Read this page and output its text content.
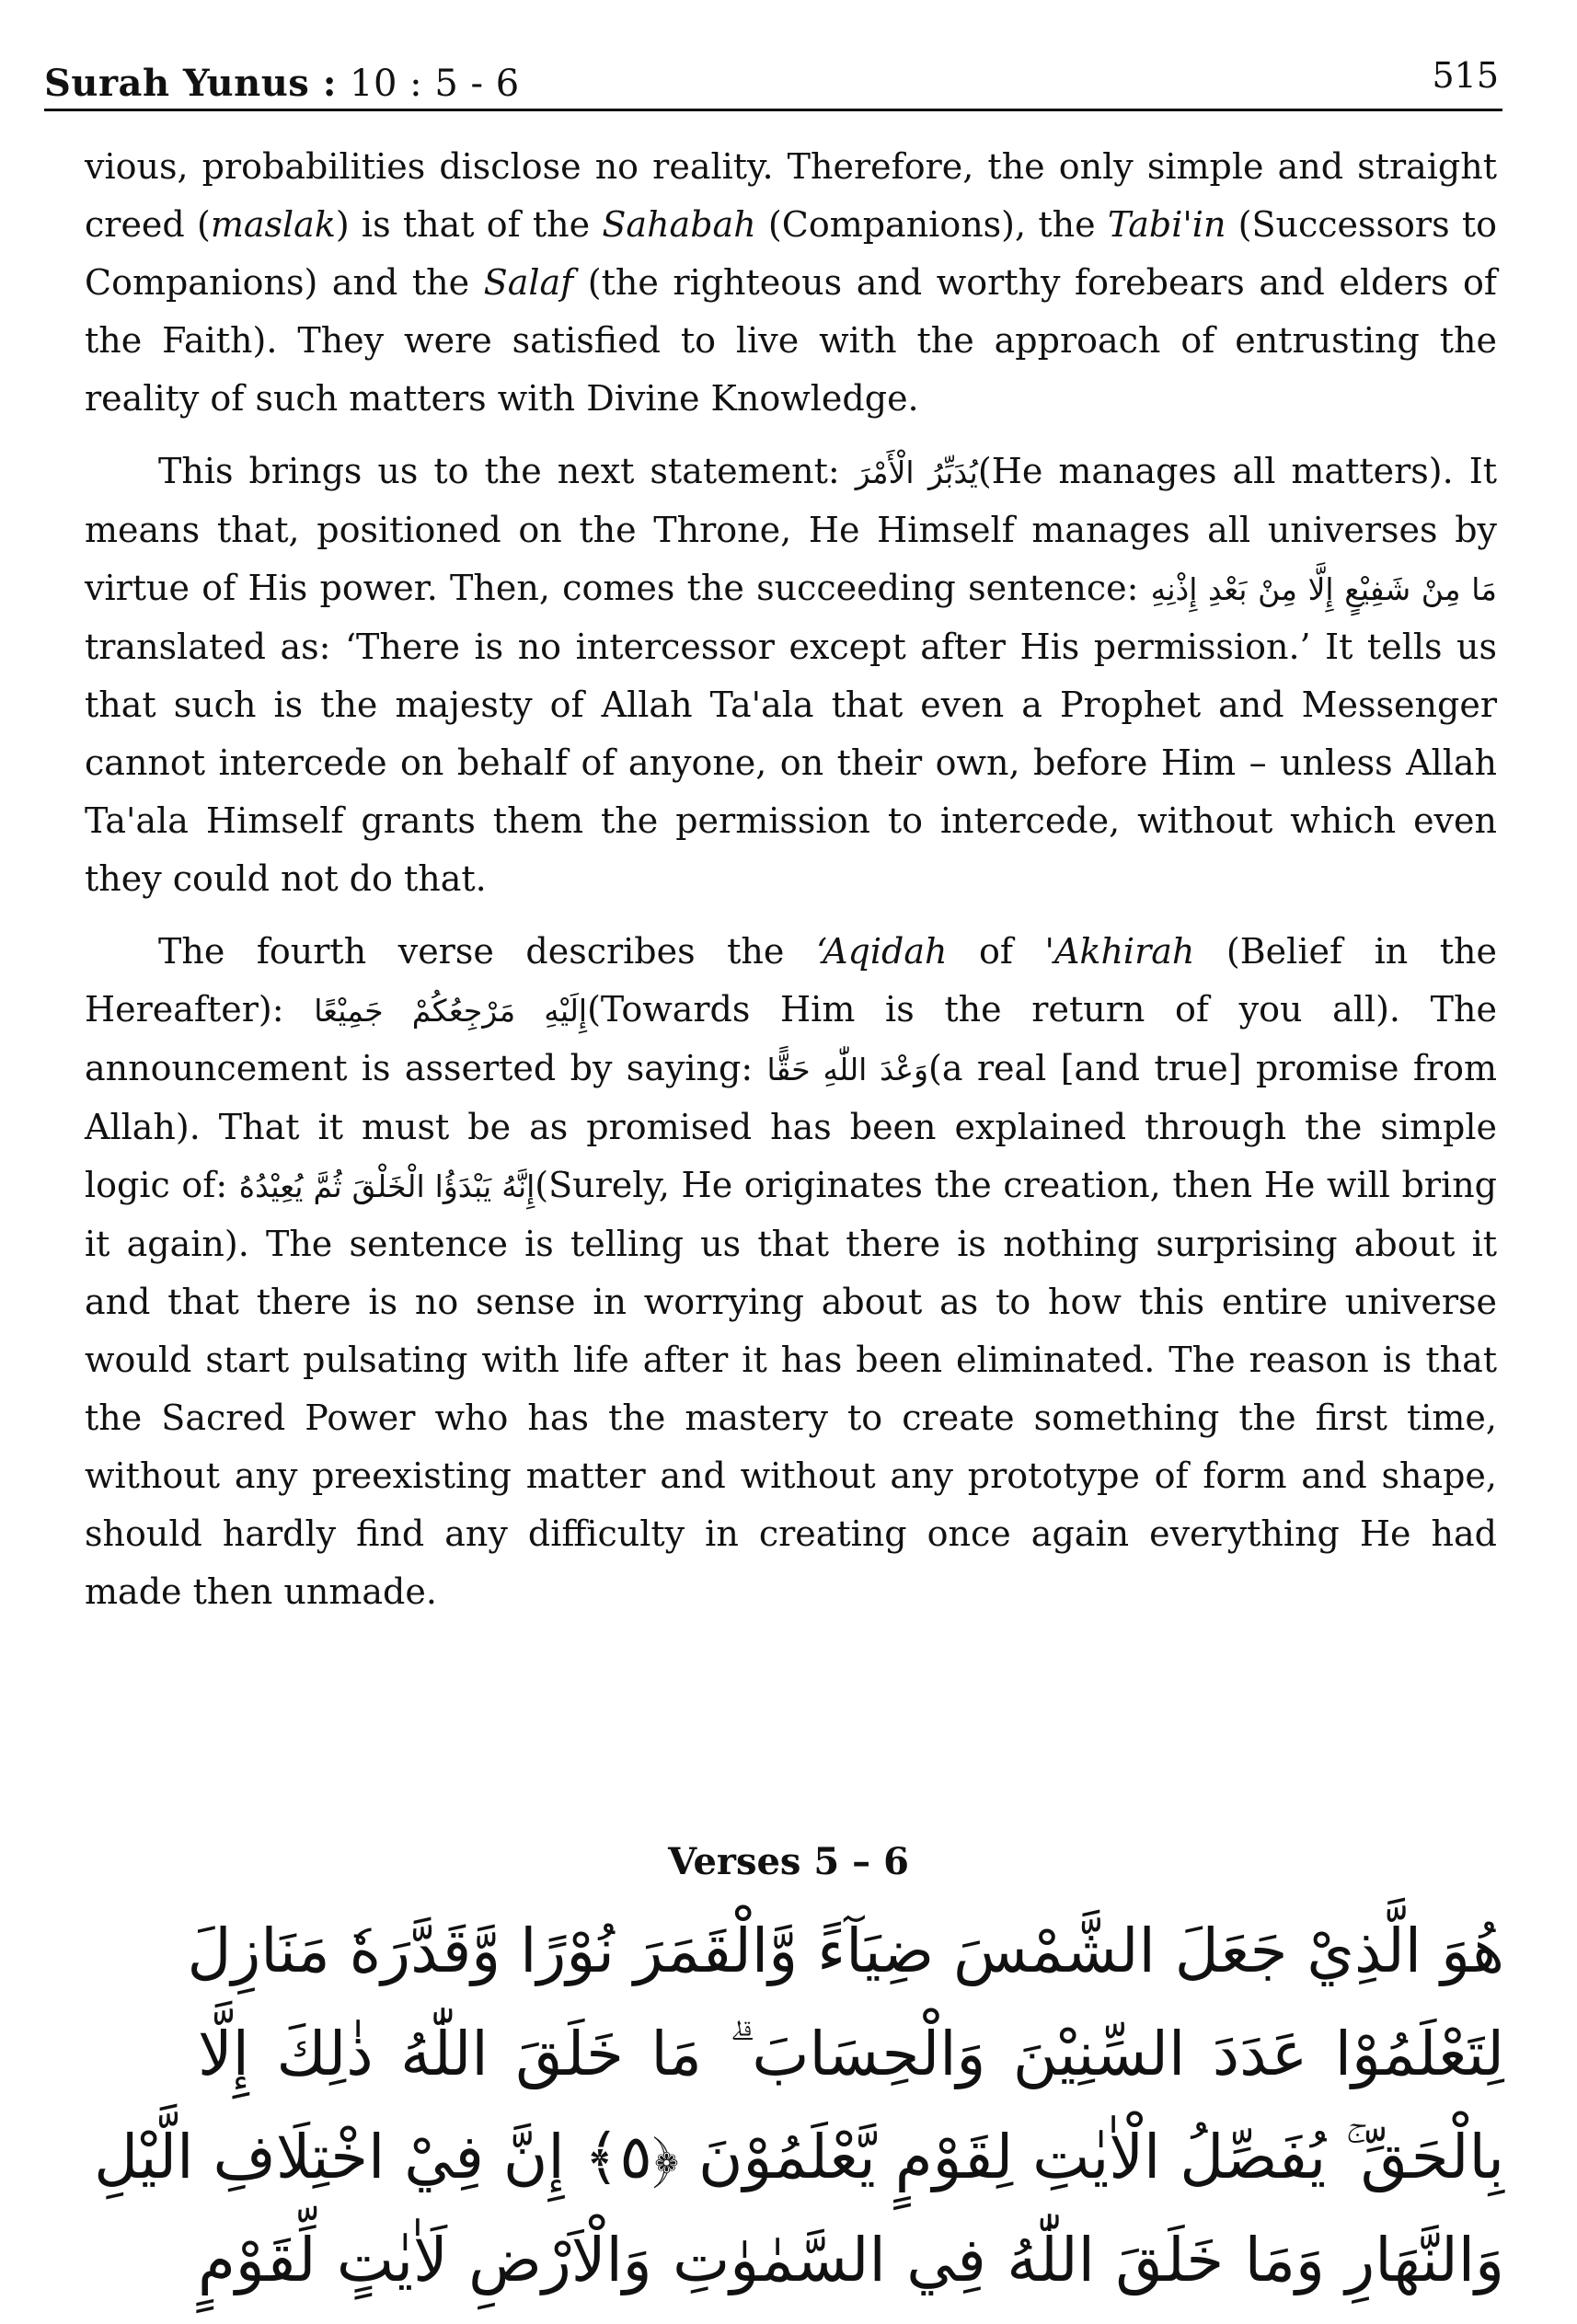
Surah Yunus : 10 : 5 - 6	515

vious, probabilities disclose no reality. Therefore, the only simple and straight creed (maslak) is that of the Sahabah (Companions), the Tabi'in (Successors to Companions) and the Salaf (the righteous and worthy forebears and elders of the Faith). They were satisfied to live with the approach of entrusting the reality of such matters with Divine Knowledge.

This brings us to the next statement: يُدَبِّرُ الْأَمْرَ(He manages all matters). It means that, positioned on the Throne, He Himself manages all universes by virtue of His power. Then, comes the succeeding sentence: مَا مِنْ شَفِيْعٍ إِلَّا مِنْ بَعْدِ إِذْنِهِ translated as: ‘There is no intercessor except after His permission.’ It tells us that such is the majesty of Allah Ta'ala that even a Prophet and Messenger cannot intercede on behalf of anyone, on their own, before Him – unless Allah Ta'ala Himself grants them the permission to intercede, without which even they could not do that.

The fourth verse describes the ‘Aqidah of 'Akhirah (Belief in the Hereafter): إِلَيْهِ مَرْجِعُكُمْ جَمِيْعًا(Towards Him is the return of you all). The announcement is asserted by saying: وَعْدَ اللّٰهِ حَقًّا(a real [and true] promise from Allah). That it must be as promised has been explained through the simple logic of: إِنَّهُ يَبْدَؤُا الْخَلْقَ ثُمَّ يُعِيْدُهُ(Surely, He originates the creation, then He will bring it again). The sentence is telling us that there is nothing surprising about it and that there is no sense in worrying about as to how this entire universe would start pulsating with life after it has been eliminated. The reason is that the Sacred Power who has the mastery to create something the first time, without any preexisting matter and without any prototype of form and shape, should hardly find any difficulty in creating once again everything He had made then unmade.

Verses 5 – 6
هُوَ الَّذِيْ جَعَلَ الشَّمْسَ ضِيَآءً وَّالْقَمَرَ نُوْرًا وَّقَدَّرَهٗ مَنَازِلَ
لِتَعْلَمُوْا عَدَدَ السِّنِيْنَ وَالْحِسَابَ ۗ مَا خَلَقَ اللّٰهُ ذٰلِكَ إِلَّا
بِالْحَقِّ ۚ يُفَصِّلُ الْاٰيٰتِ لِقَوْمٍ يَّعْلَمُوْنَ ﴿٥﴾ إِنَّ فِيْ اخْتِلَافِ الَّيْلِ
وَالنَّهَارِ وَمَا خَلَقَ اللّٰهُ فِي السَّمٰوٰتِ وَالْاَرْضِ لَاٰيٰتٍ لِّقَوْمٍ
